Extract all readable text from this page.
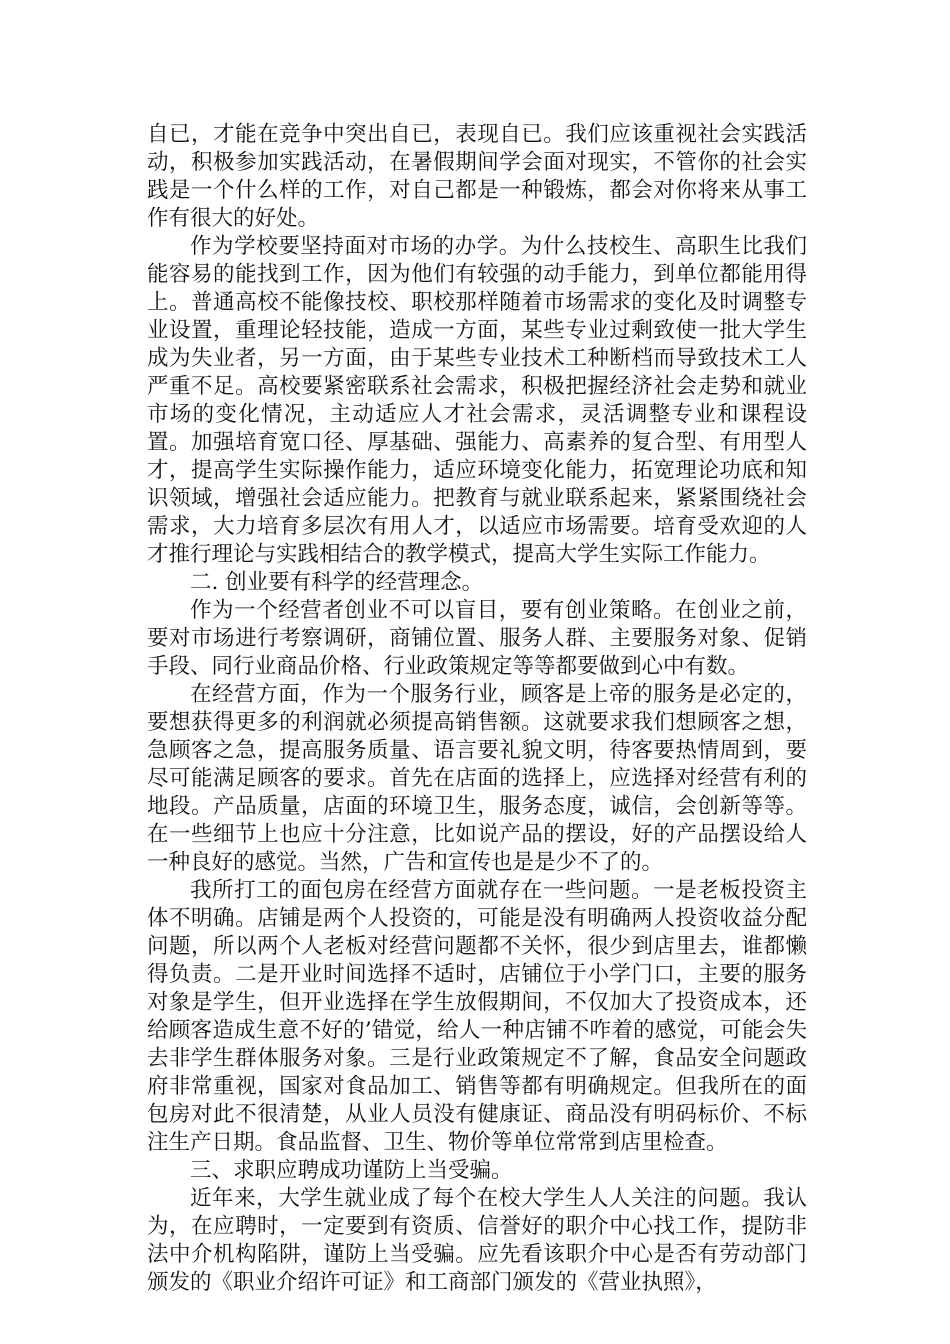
自已，才能在竞争中突出自已，表现自已。我们应该重视社会实践活动，积极参加实践活动，在暑假期间学会面对现实，不管你的社会实践是一个什么样的工作，对自己都是一种锻炼，都会对你将来从事工作有很大的好处。

作为学校要坚持面对市场的办学。为什么技校生、高职生比我们能容易的能找到工作，因为他们有较强的动手能力，到单位都能用得上。普通高校不能像技校、职校那样随着市场需求的变化及时调整专业设置，重理论轻技能，造成一方面，某些专业过剩致使一批大学生成为失业者，另一方面，由于某些专业技术工种断档而导致技术工人严重不足。高校要紧密联系社会需求，积极把握经济社会走势和就业市场的变化情况，主动适应人才社会需求，灵活调整专业和课程设置。加强培育宽口径、厚基础、强能力、高素养的复合型、有用型人才，提高学生实际操作能力，适应环境变化能力，拓宽理论功底和知识领域，增强社会适应能力。把教育与就业联系起来，紧紧围绕社会需求，大力培育多层次有用人才，以适应市场需要。培育受欢迎的人才推行理论与实践相结合的教学模式，提高大学生实际工作能力。

二. 创业要有科学的经营理念。

作为一个经营者创业不可以盲目，要有创业策略。在创业之前，要对市场进行考察调研，商铺位置、服务人群、主要服务对象、促销手段、同行业商品价格、行业政策规定等等都要做到心中有数。

在经营方面，作为一个服务行业，顾客是上帝的服务是必定的，要想获得更多的利润就必须提高销售额。这就要求我们想顾客之想，急顾客之急，提高服务质量、语言要礼貌文明，待客要热情周到，要尽可能满足顾客的要求。首先在店面的选择上，应选择对经营有利的地段。产品质量，店面的环境卫生，服务态度，诚信，会创新等等。在一些细节上也应十分注意，比如说产品的摆设，好的产品摆设给人一种良好的感觉。当然，广告和宣传也是是少不了的。

我所打工的面包房在经营方面就存在一些问题。一是老板投资主体不明确。店铺是两个人投资的，可能是没有明确两人投资收益分配问题，所以两个人老板对经营问题都不关怀，很少到店里去，谁都懒得负责。二是开业时间选择不适时，店铺位于小学门口，主要的服务对象是学生，但开业选择在学生放假期间，不仅加大了投资成本，还给顾客造成生意不好的’错觉，给人一种店铺不咋着的感觉，可能会失去非学生群体服务对象。三是行业政策规定不了解，食品安全问题政府非常重视，国家对食品加工、销售等都有明确规定。但我所在的面包房对此不很清楚，从业人员没有健康证、商品没有明码标价、不标注生产日期。食品监督、卫生、物价等单位常常到店里检查。

三、求职应聘成功谨防上当受骗。

近年来，大学生就业成了每个在校大学生人人关注的问题。我认为，在应聘时，一定要到有资质、信誉好的职介中心找工作，提防非法中介机构陷阱，谨防上当受骗。应先看该职介中心是否有劳动部门颁发的《职业介绍许可证》和工商部门颁发的《营业执照》，
